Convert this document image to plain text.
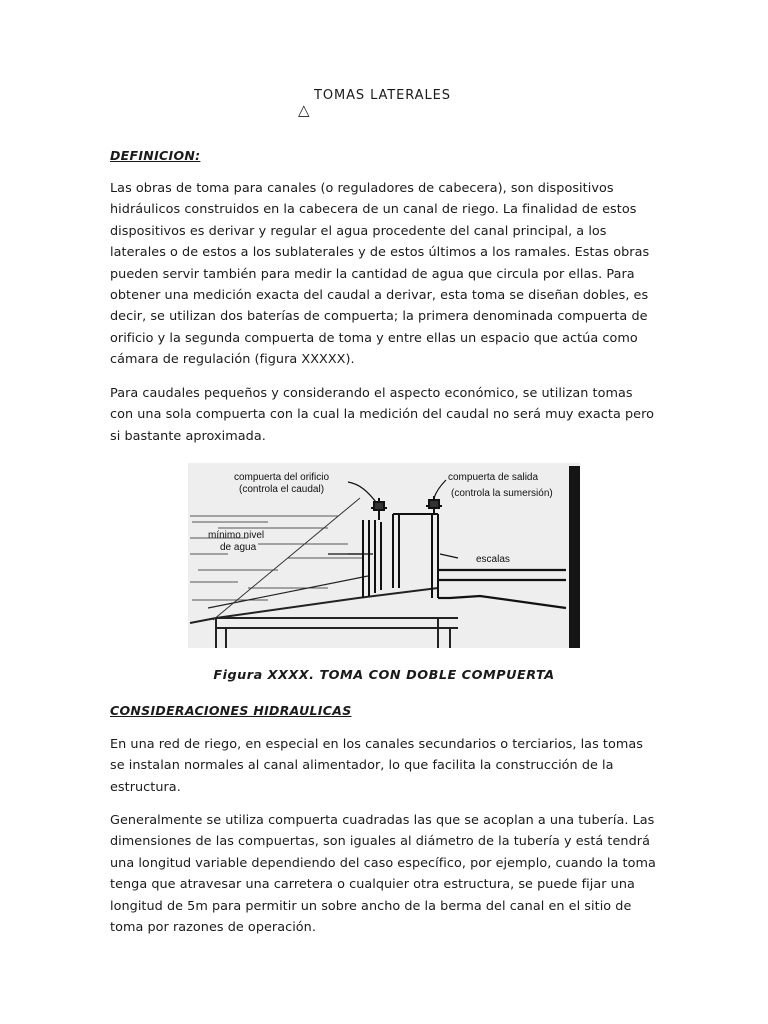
△
TOMAS LATERALES
DEFINICION:

Las obras de toma para canales (o reguladores de cabecera), son dispositivos hidráulicos construidos en la cabecera de un canal de riego. La finalidad de estos dispositivos es derivar y regular el agua procedente del canal principal, a los laterales o de estos a los sublaterales y de estos últimos a los ramales. Estas obras pueden servir también para medir la cantidad de agua que circula por ellas. Para obtener una medición exacta del caudal a derivar, esta toma se diseñan dobles, es decir, se utilizan dos baterías de compuerta; la primera denominada compuerta de orificio y la segunda compuerta de toma y entre ellas un espacio que actúa como cámara de regulación (figura XXXXX).

Para caudales pequeños y considerando el aspecto económico, se utilizan tomas con una sola compuerta con la cual la medición del caudal no será muy exacta pero si bastante aproximada.

compuerta del orificio
(controla el caudal)
compuerta de salida
(controla la sumersión)
mínimo nivel
de agua
escalas
Figura XXXX. TOMA CON DOBLE COMPUERTA
CONSIDERACIONES HIDRAULICAS

En una red de riego, en especial en los canales secundarios o terciarios, las tomas se instalan normales al canal alimentador, lo que facilita la construcción de la estructura.

Generalmente se utiliza compuerta cuadradas las que se acoplan a una tubería. Las dimensiones de las compuertas, son iguales al diámetro de la tubería y está tendrá una longitud variable dependiendo del caso específico, por ejemplo, cuando la toma tenga que atravesar una carretera o cualquier otra estructura, se puede fijar una longitud de 5m para permitir un sobre ancho de la berma del canal en el sitio de toma por razones de operación.
